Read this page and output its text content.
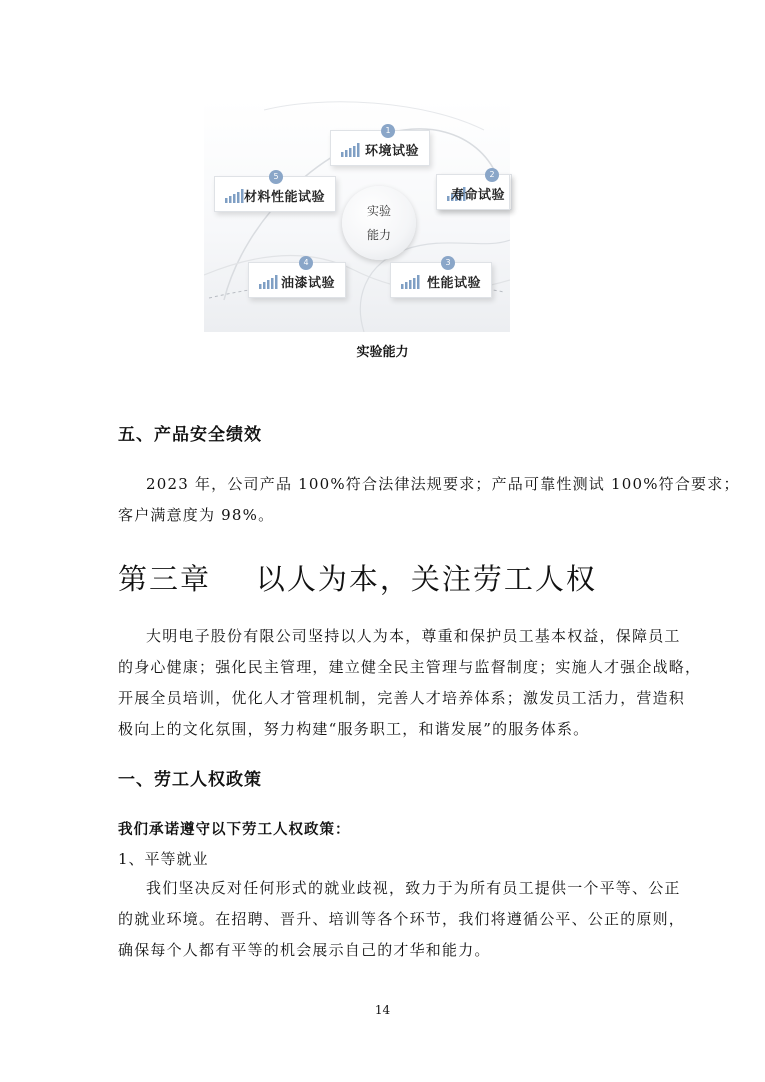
1
环境试验
2
寿命试验
5
材料性能试验
实验
能力
4
油漆试验
3
性能试验
实验能力
五、产品安全绩效

2023 年，公司产品 100%符合法律法规要求；产品可靠性测试 100%符合要求；
客户满意度为 98%。

第三章    以人为本，关注劳工人权

大明电子股份有限公司坚持以人为本，尊重和保护员工基本权益，保障员工
的身心健康；强化民主管理，建立健全民主管理与监督制度；实施人才强企战略，
开展全员培训，优化人才管理机制，完善人才培养体系；激发员工活力，营造积
极向上的文化氛围，努力构建“服务职工，和谐发展”的服务体系。

一、劳工人权政策
我们承诺遵守以下劳工人权政策：
1、平等就业

我们坚决反对任何形式的就业歧视，致力于为所有员工提供一个平等、公正
的就业环境。在招聘、晋升、培训等各个环节，我们将遵循公平、公正的原则，
确保每个人都有平等的机会展示自己的才华和能力。

14
